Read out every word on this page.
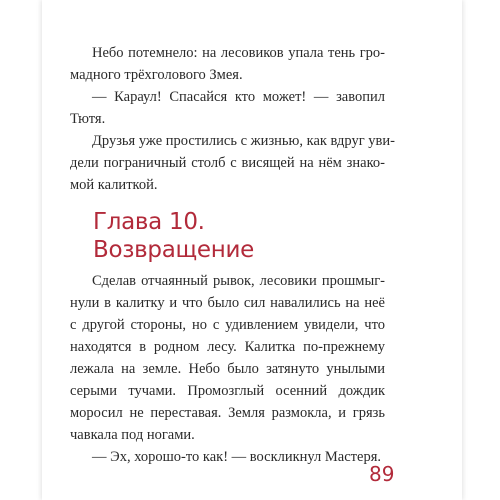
Небо потемнело: на лесовиков упала тень гро-
мадного трёхголового Змея.
— Караул! Спасайся кто может! — завопил
Тютя.
Друзья уже простились с жизнью, как вдруг уви-
дели пограничный столб с висящей на нём знако-
мой калиткой.
Глава 10.
Возвращение
Сделав отчаянный рывок, лесовики прошмыг-
нули в калитку и что было сил навалились на неё
с другой стороны, но с удивлением увидели, что
находятся в родном лесу. Калитка по-прежнему
лежала на земле. Небо было затянуто унылыми
серыми тучами. Промозглый осенний дождик
моросил не переставая. Земля размокла, и грязь
чавкала под ногами.
— Эх, хорошо-то как! — воскликнул Мастеря.
89
